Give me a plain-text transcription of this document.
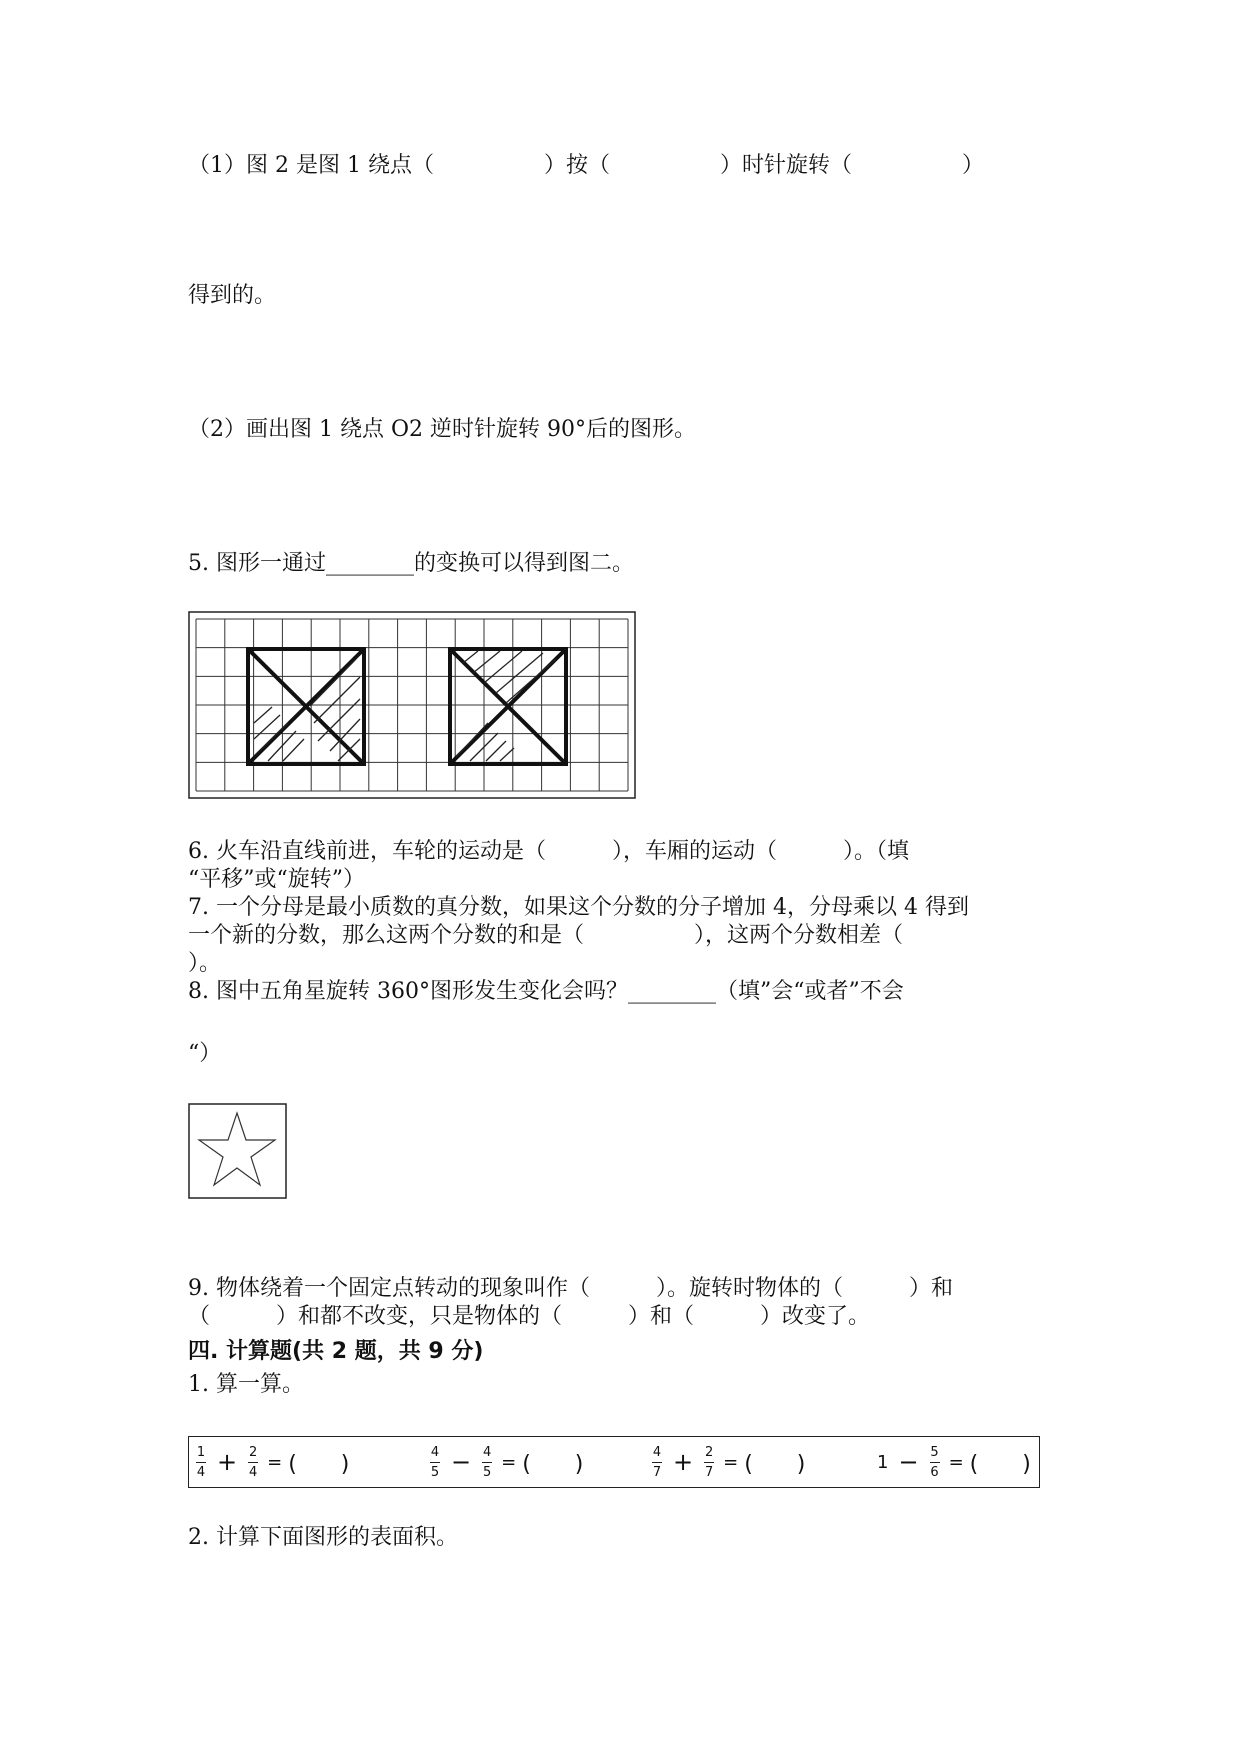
（1）图 2 是图 1 绕点（　　　　　）按（　　　　　）时针旋转（　　　　　）
得到的。
（2）画出图 1 绕点 O2 逆时针旋转 90°后的图形。
5. 图形一通过________的变换可以得到图二。
6. 火车沿直线前进，车轮的运动是（　　　），车厢的运动（　　　）。（填
“平移”或“旋转”）
7. 一个分母是最小质数的真分数，如果这个分数的分子增加 4，分母乘以 4 得到
一个新的分数，那么这两个分数的和是（　　　　　），这两个分数相差（
）。
8. 图中五角星旋转 360°图形发生变化会吗？________（填”会“或者”不会
“）
9. 物体绕着一个固定点转动的现象叫作（　　　）。旋转时物体的（　　　）和
（　　　）和都不改变，只是物体的（　　　）和（　　　）改变了。
四. 计算题(共 2 题，共 9 分)
1. 算一算。
$\frac{1}{4} + \frac{2}{4}$ = (　　)	$\frac{4}{5} - \frac{4}{5}$ = (　　)	$\frac{4}{7} + \frac{2}{7}$ = (　　)	$1 - \frac{5}{6}$ = (　　)
2. 计算下面图形的表面积。
